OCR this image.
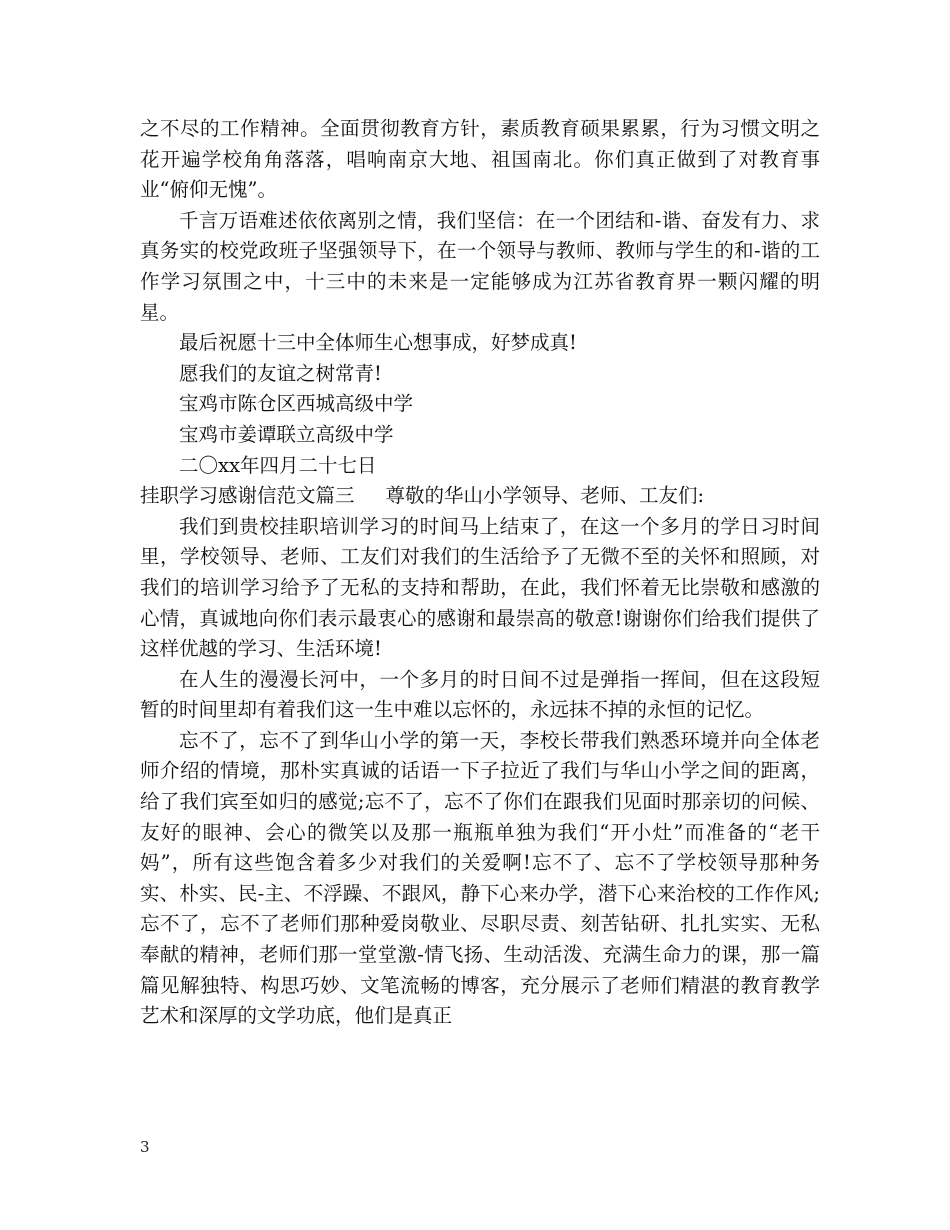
之不尽的工作精神。全面贯彻教育方针，素质教育硕果累累，行为习惯文明之花开遍学校角角落落，唱响南京大地、祖国南北。你们真正做到了对教育事业“俯仰无愧”。

千言万语难述依依离别之情，我们坚信：在一个团结和-谐、奋发有力、求真务实的校党政班子坚强领导下，在一个领导与教师、教师与学生的和-谐的工作学习氛围之中，十三中的未来是一定能够成为江苏省教育界一颗闪耀的明星。

最后祝愿十三中全体师生心想事成，好梦成真!

愿我们的友谊之树常青!

宝鸡市陈仓区西城高级中学

宝鸡市姜谭联立高级中学

二〇xx年四月二十七日

挂职学习感谢信范文篇三     尊敬的华山小学领导、老师、工友们:

我们到贵校挂职培训学习的时间马上结束了，在这一个多月的学日习时间里，学校领导、老师、工友们对我们的生活给予了无微不至的关怀和照顾，对我们的培训学习给予了无私的支持和帮助，在此，我们怀着无比崇敬和感激的心情，真诚地向你们表示最衷心的感谢和最崇高的敬意!谢谢你们给我们提供了这样优越的学习、生活环境!

在人生的漫漫长河中，一个多月的时日间不过是弹指一挥间，但在这段短暂的时间里却有着我们这一生中难以忘怀的，永远抹不掉的永恒的记忆。

忘不了，忘不了到华山小学的第一天，李校长带我们熟悉环境并向全体老师介绍的情境，那朴实真诚的话语一下子拉近了我们与华山小学之间的距离，给了我们宾至如归的感觉;忘不了，忘不了你们在跟我们见面时那亲切的问候、友好的眼神、会心的微笑以及那一瓶瓶单独为我们“开小灶”而准备的“老干妈”，所有这些饱含着多少对我们的关爱啊!忘不了、忘不了学校领导那种务实、朴实、民-主、不浮躁、不跟风，静下心来办学，潜下心来治校的工作作风;忘不了，忘不了老师们那种爱岗敬业、尽职尽责、刻苦钻研、扎扎实实、无私奉献的精神，老师们那一堂堂激-情飞扬、生动活泼、充满生命力的课，那一篇篇见解独特、构思巧妙、文笔流畅的博客，充分展示了老师们精湛的教育教学艺术和深厚的文学功底，他们是真正

3
